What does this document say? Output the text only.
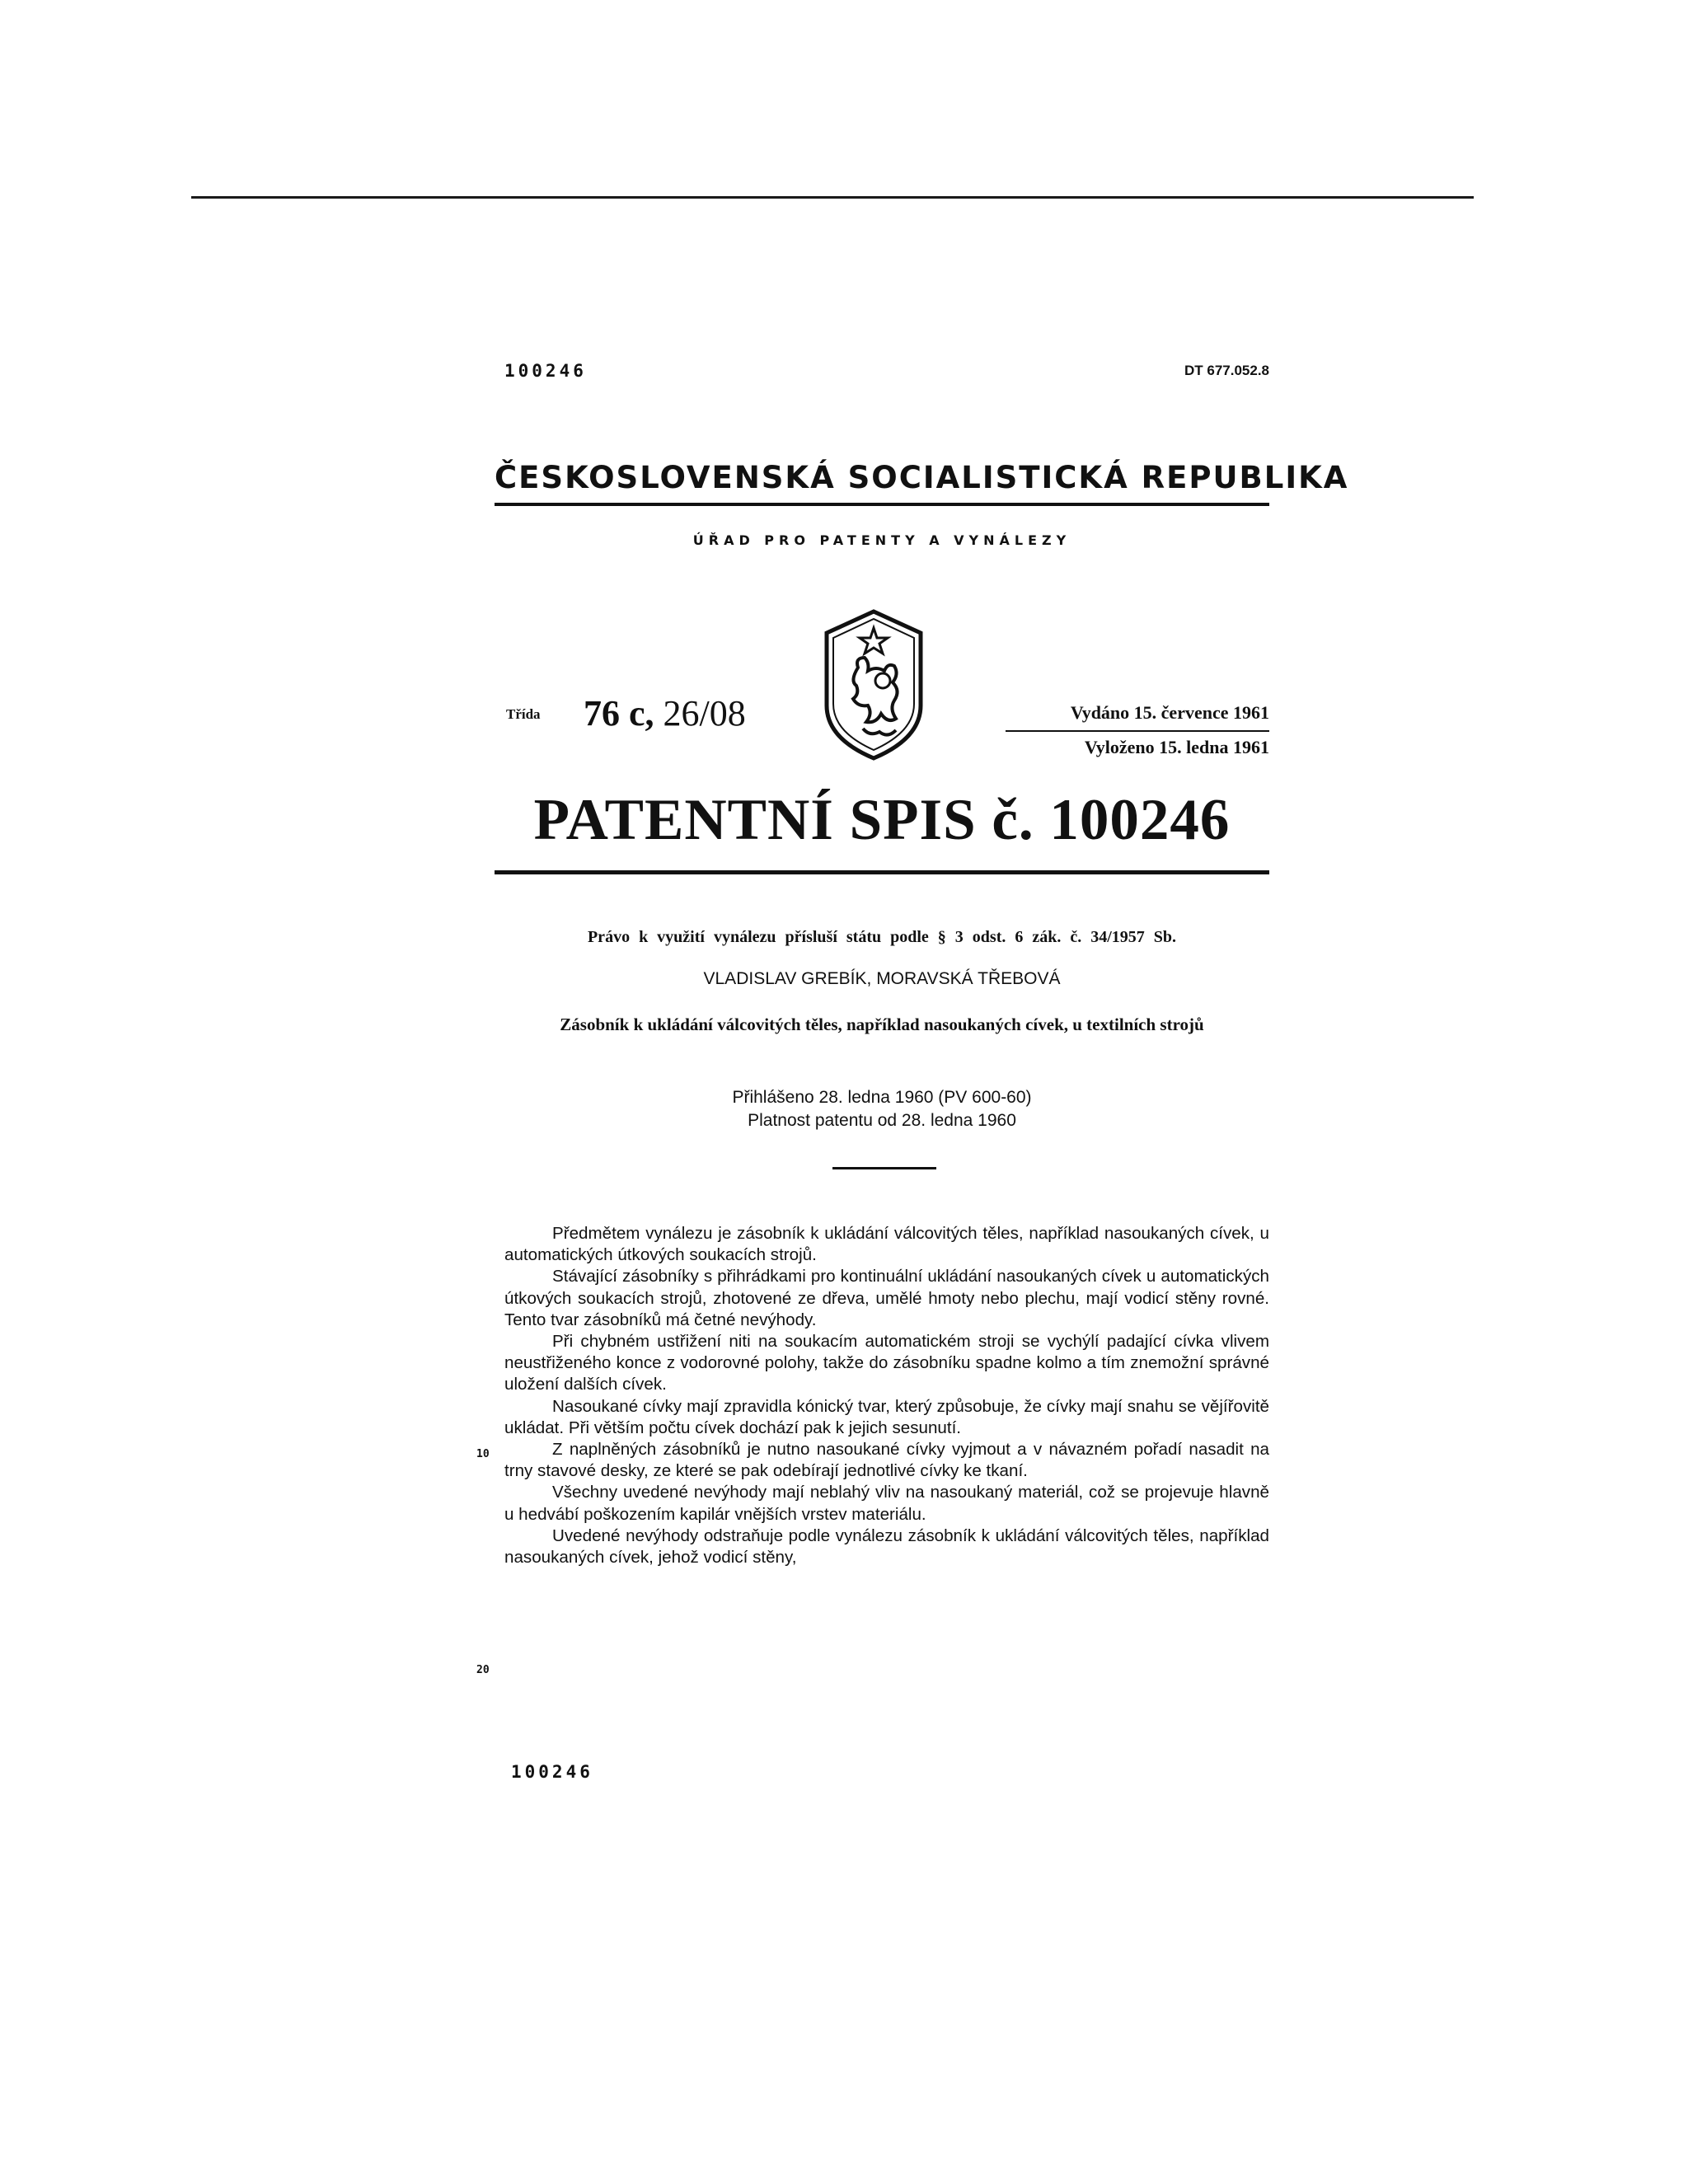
100246	DT 677.052.8
ČESKOSLOVENSKÁ SOCIALISTICKÁ REPUBLIKA
ÚŘAD PRO PATENTY A VYNÁLEZY
Třída 76 c, 26/08	Vydáno 15. července 1961
Vyloženo 15. ledna 1961
PATENTNÍ SPIS č. 100246
Právo k využití vynálezu přísluší státu podle § 3 odst. 6 zák. č. 34/1957 Sb.
VLADISLAV GREBÍK, MORAVSKÁ TŘEBOVÁ
Zásobník k ukládání válcovitých těles, například nasoukaných cívek, u textilních strojů
Přihlášeno 28. ledna 1960 (PV 600-60)
Platnost patentu od 28. ledna 1960
10
20

Předmětem vynálezu je zásobník k ukládání válcovitých těles, například nasoukaných cívek, u automatických útkových soukacích strojů.

Stávající zásobníky s přihrádkami pro kontinuální ukládání nasoukaných cívek u automatických útkových soukacích strojů, zhotovené ze dřeva, umělé hmoty nebo plechu, mají vodicí stěny rovné. Tento tvar zásobníků má četné nevýhody.

Při chybném ustřižení niti na soukacím automatickém stroji se vychýlí padající cívka vlivem neustřiženého konce z vodorovné polohy, takže do zásobníku spadne kolmo a tím znemožní správné uložení dalších cívek.

Nasoukané cívky mají zpravidla kónický tvar, který způsobuje, že cívky mají snahu se vějířovitě ukládat. Při větším počtu cívek dochází pak k jejich sesunutí.

Z naplněných zásobníků je nutno nasoukané cívky vyjmout a v návazném pořadí nasadit na trny stavové desky, ze které se pak odebírají jednotlivé cívky ke tkaní.

Všechny uvedené nevýhody mají neblahý vliv na nasoukaný materiál, což se projevuje hlavně u hedvábí poškozením kapilár vnějších vrstev materiálu.

Uvedené nevýhody odstraňuje podle vynálezu zásobník k ukládání válcovitých těles, například nasoukaných cívek, jehož vodicí stěny,

100246
